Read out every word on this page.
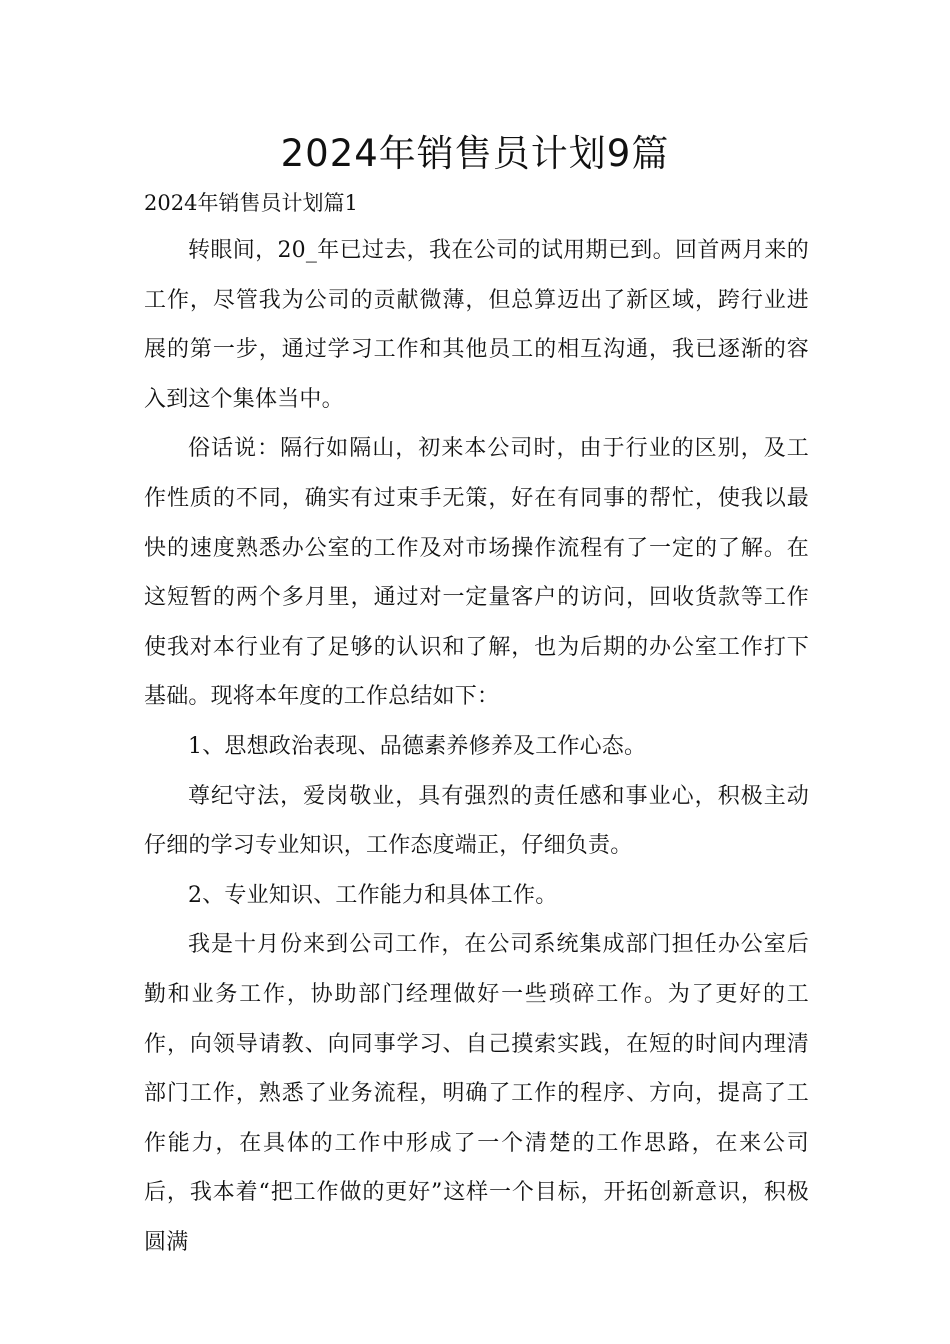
2024年销售员计划9篇
2024年销售员计划篇1

转眼间，20_年已过去，我在公司的试用期已到。回首两月来的工作，尽管我为公司的贡献微薄，但总算迈出了新区域，跨行业进展的第一步，通过学习工作和其他员工的相互沟通，我已逐渐的容入到这个集体当中。

俗话说：隔行如隔山，初来本公司时，由于行业的区别，及工作性质的不同，确实有过束手无策，好在有同事的帮忙，使我以最快的速度熟悉办公室的工作及对市场操作流程有了一定的了解。在这短暂的两个多月里，通过对一定量客户的访问，回收货款等工作使我对本行业有了足够的认识和了解，也为后期的办公室工作打下基础。现将本年度的工作总结如下：

1、思想政治表现、品德素养修养及工作心态。

尊纪守法，爱岗敬业，具有强烈的责任感和事业心，积极主动仔细的学习专业知识，工作态度端正，仔细负责。

2、专业知识、工作能力和具体工作。

我是十月份来到公司工作，在公司系统集成部门担任办公室后勤和业务工作，协助部门经理做好一些琐碎工作。为了更好的工作，向领导请教、向同事学习、自己摸索实践，在短的时间内理清部门工作，熟悉了业务流程，明确了工作的程序、方向，提高了工作能力，在具体的工作中形成了一个清楚的工作思路，在来公司后，我本着“把工作做的更好”这样一个目标，开拓创新意识，积极圆满
